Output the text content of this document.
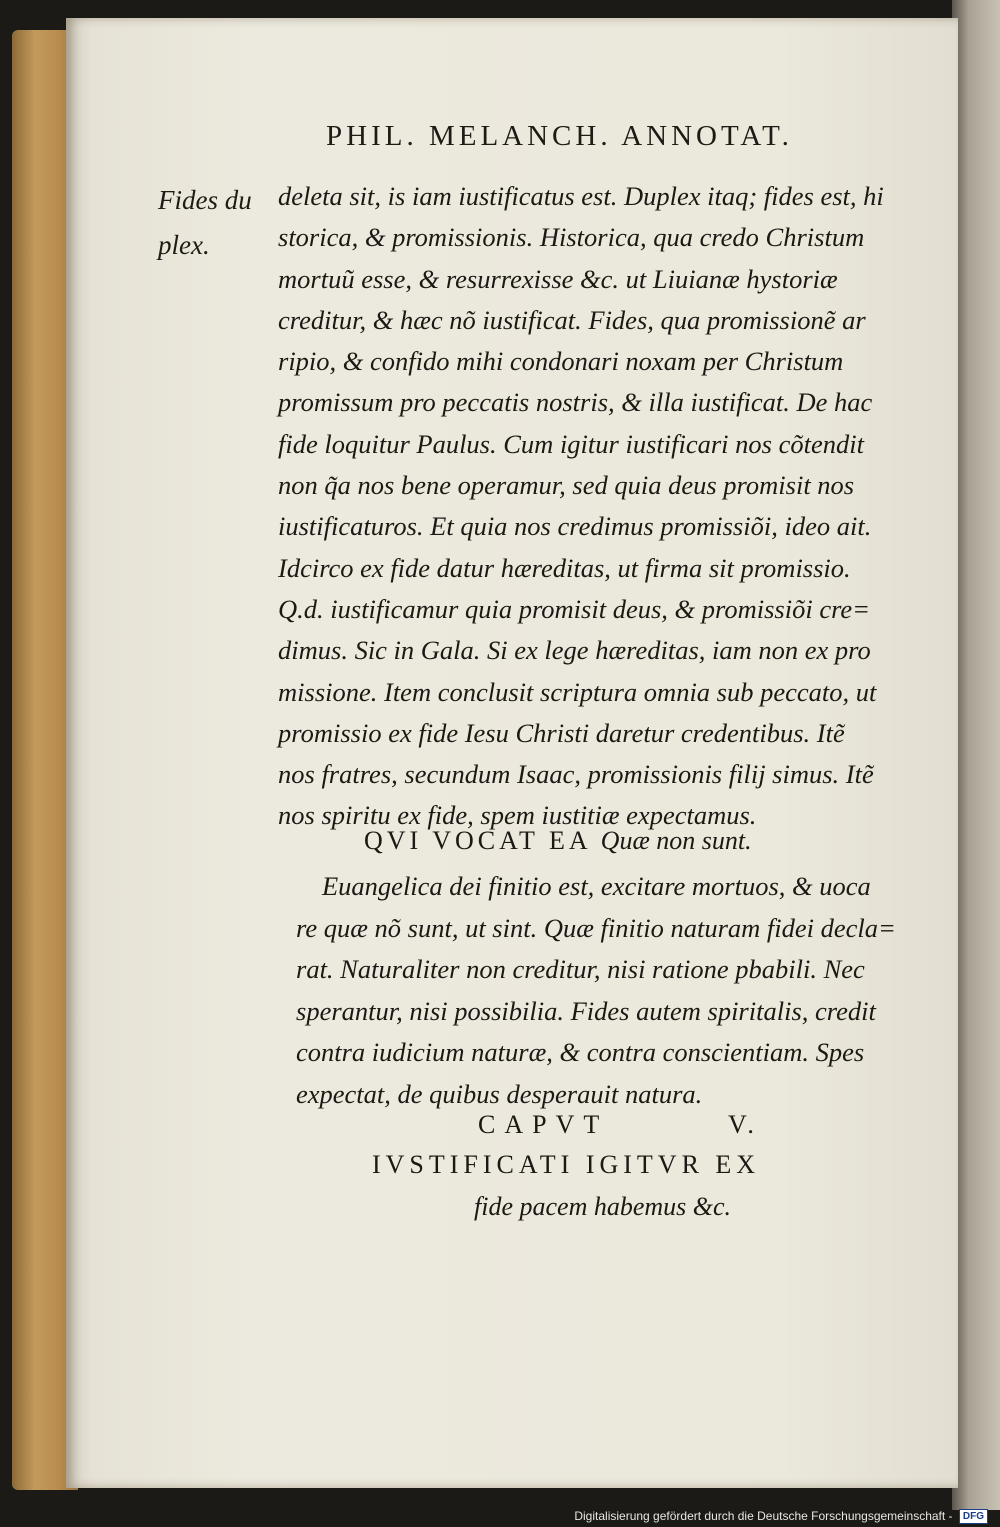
PHIL. MELANCH. ANNOTAT.
Fides du
plex.
deleta sit, is iam iustificatus est. Duplex itaq; fides est, hi
storica, & promissionis. Historica, qua credo Christum
mortuũ esse, & resurrexisse &c. ut Liuianæ hystoriæ
creditur, & hæc nõ iustificat. Fides, qua promissionẽ ar
ripio, & confido mihi condonari noxam per Christum
promissum pro peccatis nostris, & illa iustificat. De hac
fide loquitur Paulus. Cum igitur iustificari nos cõtendit
non q̃a nos bene operamur, sed quia deus promisit nos
iustificaturos. Et quia nos credimus promissiõi, ideo ait.
Idcirco ex fide datur hæreditas, ut firma sit promissio.
Q.d. iustificamur quia promisit deus, & promissiõi cre=
dimus. Sic in Gala. Si ex lege hæreditas, iam non ex pro
missione. Item conclusit scriptura omnia sub peccato, ut
promissio ex fide Iesu Christi daretur credentibus. Itẽ
nos fratres, secundum Isaac, promissionis filij simus. Itẽ
nos spiritu ex fide, spem iustitiæ expectamus.
QVI VOCAT EA Quæ non sunt.
Euangelica dei finitio est, excitare mortuos, & uoca
re quæ nõ sunt, ut sint. Quæ finitio naturam fidei decla=
rat. Naturaliter non creditur, nisi ratione pbabili. Nec
sperantur, nisi possibilia. Fides autem spiritalis, credit
contra iudicium naturæ, & contra conscientiam. Spes
expectat, de quibus desperauit natura.
CAPVT	V.
IVSTIFICATI IGITVR EX
fide pacem habemus &c.
Digitalisierung gefördert durch die Deutsche Forschungsgemeinschaft - DFG
